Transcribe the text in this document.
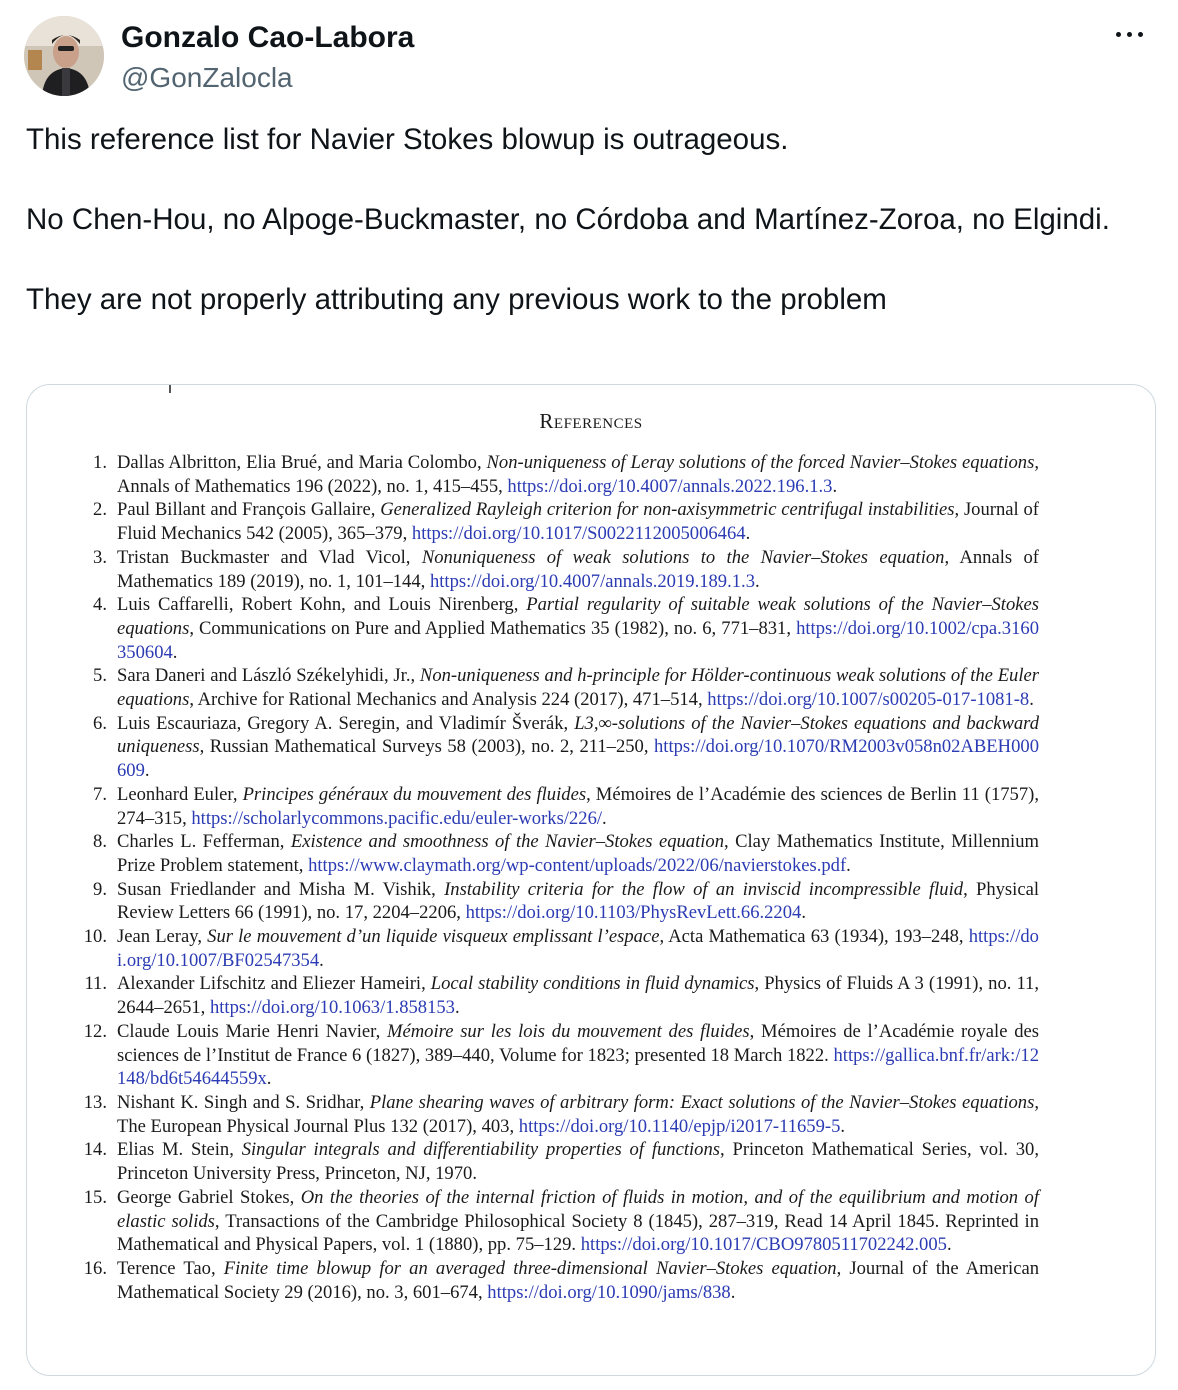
Gonzalo Cao-Labora
@GonZalocla

This reference list for Navier Stokes blowup is outrageous.

No Chen-Hou, no Alpoge-Buckmaster, no Córdoba and Martínez-Zoroa, no Elgindi.

They are not properly attributing any previous work to the problem

References
1. Dallas Albritton, Elia Brué, and Maria Colombo, Non-uniqueness of Leray solutions of the forced Navier–Stokes equations, Annals of Mathematics 196 (2022), no. 1, 415–455, https://doi.org/10.4007/annals.2022.196.1.3.
2. Paul Billant and François Gallaire, Generalized Rayleigh criterion for non-axisymmetric centrifugal instabilities, Journal of Fluid Mechanics 542 (2005), 365–379, https://doi.org/10.1017/S0022112005006464.
3. Tristan Buckmaster and Vlad Vicol, Nonuniqueness of weak solutions to the Navier–Stokes equation, Annals of Mathematics 189 (2019), no. 1, 101–144, https://doi.org/10.4007/annals.2019.189.1.3.
4. Luis Caffarelli, Robert Kohn, and Louis Nirenberg, Partial regularity of suitable weak solutions of the Navier–Stokes equations, Communications on Pure and Applied Mathematics 35 (1982), no. 6, 771–831, https://doi.org/10.1002/cpa.3160350604.
5. Sara Daneri and László Székelyhidi, Jr., Non-uniqueness and h-principle for Hölder-continuous weak solutions of the Euler equations, Archive for Rational Mechanics and Analysis 224 (2017), 471–514, https://doi.org/10.1007/s00205-017-1081-8.
6. Luis Escauriaza, Gregory A. Seregin, and Vladimír Šverák, L3,∞-solutions of the Navier–Stokes equations and backward uniqueness, Russian Mathematical Surveys 58 (2003), no. 2, 211–250, https://doi.org/10.1070/RM2003v058n02ABEH000609.
7. Leonhard Euler, Principes généraux du mouvement des fluides, Mémoires de l’Académie des sciences de Berlin 11 (1757), 274–315, https://scholarlycommons.pacific.edu/euler-works/226/.
8. Charles L. Fefferman, Existence and smoothness of the Navier–Stokes equation, Clay Mathematics Institute, Millennium Prize Problem statement, https://www.claymath.org/wp-content/uploads/2022/06/navierstokes.pdf.
9. Susan Friedlander and Misha M. Vishik, Instability criteria for the flow of an inviscid incompressible fluid, Physical Review Letters 66 (1991), no. 17, 2204–2206, https://doi.org/10.1103/PhysRevLett.66.2204.
10. Jean Leray, Sur le mouvement d’un liquide visqueux emplissant l’espace, Acta Mathematica 63 (1934), 193–248, https://doi.org/10.1007/BF02547354.
11. Alexander Lifschitz and Eliezer Hameiri, Local stability conditions in fluid dynamics, Physics of Fluids A 3 (1991), no. 11, 2644–2651, https://doi.org/10.1063/1.858153.
12. Claude Louis Marie Henri Navier, Mémoire sur les lois du mouvement des fluides, Mémoires de l’Académie royale des sciences de l’Institut de France 6 (1827), 389–440, Volume for 1823; presented 18 March 1822. https://gallica.bnf.fr/ark:/12148/bd6t54644559x.
13. Nishant K. Singh and S. Sridhar, Plane shearing waves of arbitrary form: Exact solutions of the Navier–Stokes equations, The European Physical Journal Plus 132 (2017), 403, https://doi.org/10.1140/epjp/i2017-11659-5.
14. Elias M. Stein, Singular integrals and differentiability properties of functions, Princeton Mathematical Series, vol. 30, Princeton University Press, Princeton, NJ, 1970.
15. George Gabriel Stokes, On the theories of the internal friction of fluids in motion, and of the equilibrium and motion of elastic solids, Transactions of the Cambridge Philosophical Society 8 (1845), 287–319, Read 14 April 1845. Reprinted in Mathematical and Physical Papers, vol. 1 (1880), pp. 75–129. https://doi.org/10.1017/CBO9780511702242.005.
16. Terence Tao, Finite time blowup for an averaged three-dimensional Navier–Stokes equation, Journal of the American Mathematical Society 29 (2016), no. 3, 601–674, https://doi.org/10.1090/jams/838.
